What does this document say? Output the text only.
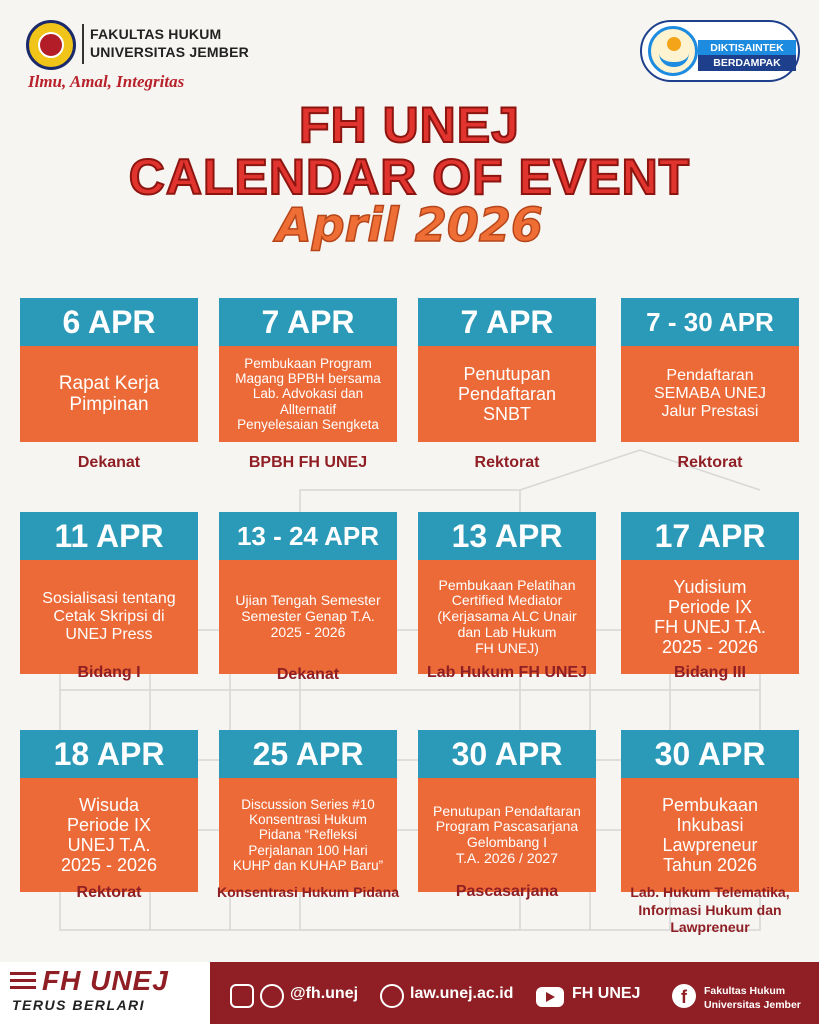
FAKULTAS HUKUM
UNIVERSITAS JEMBER
Ilmu, Amal, Integritas
DIKTISAINTEK
BERDAMPAK
FH UNEJ
CALENDAR OF EVENT
April 2026
6 APR
Rapat Kerja
Pimpinan
Dekanat
7 APR
Pembukaan Program
Magang BPBH bersama
Lab. Advokasi dan
Allternatif
Penyelesaian Sengketa
BPBH FH UNEJ
7 APR
Penutupan
Pendaftaran
SNBT
Rektorat
7 - 30 APR
Pendaftaran
SEMABA UNEJ
Jalur Prestasi
Rektorat
11 APR
Sosialisasi tentang
Cetak Skripsi di
UNEJ Press
Bidang I
13 - 24 APR
Ujian Tengah Semester
Semester Genap T.A.
2025 - 2026
Dekanat
13 APR
Pembukaan Pelatihan
Certified Mediator
(Kerjasama ALC Unair
dan Lab Hukum
FH UNEJ)
Lab Hukum FH UNEJ
17 APR
Yudisium
Periode IX
FH UNEJ T.A.
2025 - 2026
Bidang III
18 APR
Wisuda
Periode IX
UNEJ T.A.
2025 - 2026
Rektorat
25 APR
Discussion Series #10
Konsentrasi Hukum
Pidana “Refleksi
Perjalanan 100 Hari
KUHP dan KUHAP Baru”
Konsentrasi Hukum Pidana
30 APR
Penutupan Pendaftaran
Program Pascasarjana
Gelombang I
T.A. 2026 / 2027
Pascasarjana
30 APR
Pembukaan
Inkubasi
Lawpreneur
Tahun 2026
Lab. Hukum Telematika, Informasi Hukum dan Lawpreneur
FH UNEJ
TERUS BERLARI
@fh.unej	law.unej.ac.id	FH UNEJ	f	Fakultas Hukum
Universitas Jember
